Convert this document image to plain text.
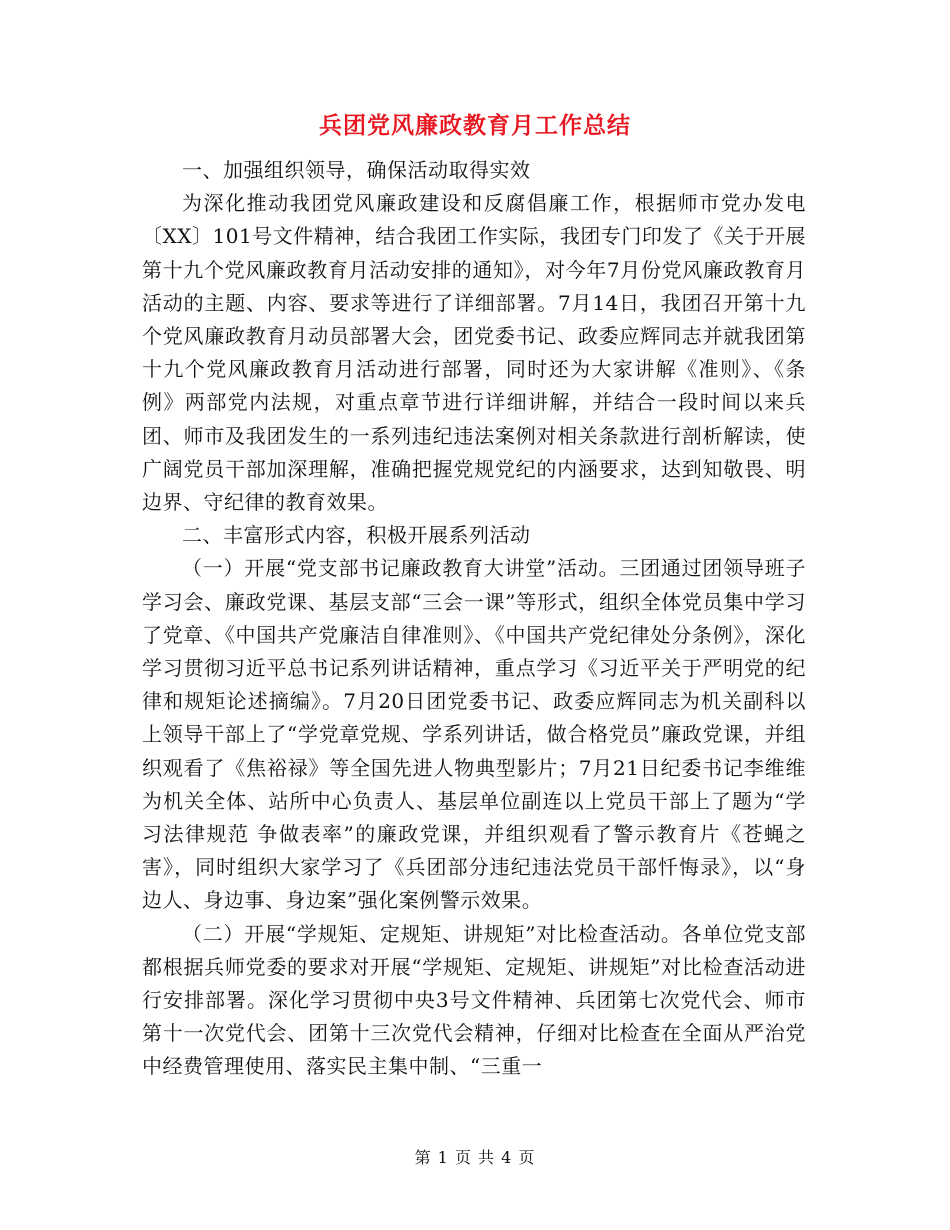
兵团党风廉政教育月工作总结

一、加强组织领导，确保活动取得实效

为深化推动我团党风廉政建设和反腐倡廉工作，根据师市党办发电〔XX〕101号文件精神，结合我团工作实际，我团专门印发了《关于开展第十九个党风廉政教育月活动安排的通知》，对今年7月份党风廉政教育月活动的主题、内容、要求等进行了详细部署。7月14日，我团召开第十九个党风廉政教育月动员部署大会，团党委书记、政委应辉同志并就我团第十九个党风廉政教育月活动进行部署，同时还为大家讲解《准则》、《条例》两部党内法规，对重点章节进行详细讲解，并结合一段时间以来兵团、师市及我团发生的一系列违纪违法案例对相关条款进行剖析解读，使广阔党员干部加深理解，准确把握党规党纪的内涵要求，达到知敬畏、明边界、守纪律的教育效果。

二、丰富形式内容，积极开展系列活动

（一）开展“党支部书记廉政教育大讲堂”活动。三团通过团领导班子学习会、廉政党课、基层支部“三会一课”等形式，组织全体党员集中学习了党章、《中国共产党廉洁自律准则》、《中国共产党纪律处分条例》，深化学习贯彻习近平总书记系列讲话精神，重点学习《习近平关于严明党的纪律和规矩论述摘编》。7月20日团党委书记、政委应辉同志为机关副科以上领导干部上了“学党章党规、学系列讲话，做合格党员”廉政党课，并组织观看了《焦裕禄》等全国先进人物典型影片；7月21日纪委书记李维维为机关全体、站所中心负责人、基层单位副连以上党员干部上了题为“学习法律规范 争做表率”的廉政党课，并组织观看了警示教育片《苍蝇之害》，同时组织大家学习了《兵团部分违纪违法党员干部忏悔录》，以“身边人、身边事、身边案”强化案例警示效果。

（二）开展“学规矩、定规矩、讲规矩”对比检查活动。各单位党支部都根据兵师党委的要求对开展“学规矩、定规矩、讲规矩”对比检查活动进行安排部署。深化学习贯彻中央3号文件精神、兵团第七次党代会、师市第十一次党代会、团第十三次党代会精神，仔细对比检查在全面从严治党中经费管理使用、落实民主集中制、“三重一

第 1 页 共 4 页
